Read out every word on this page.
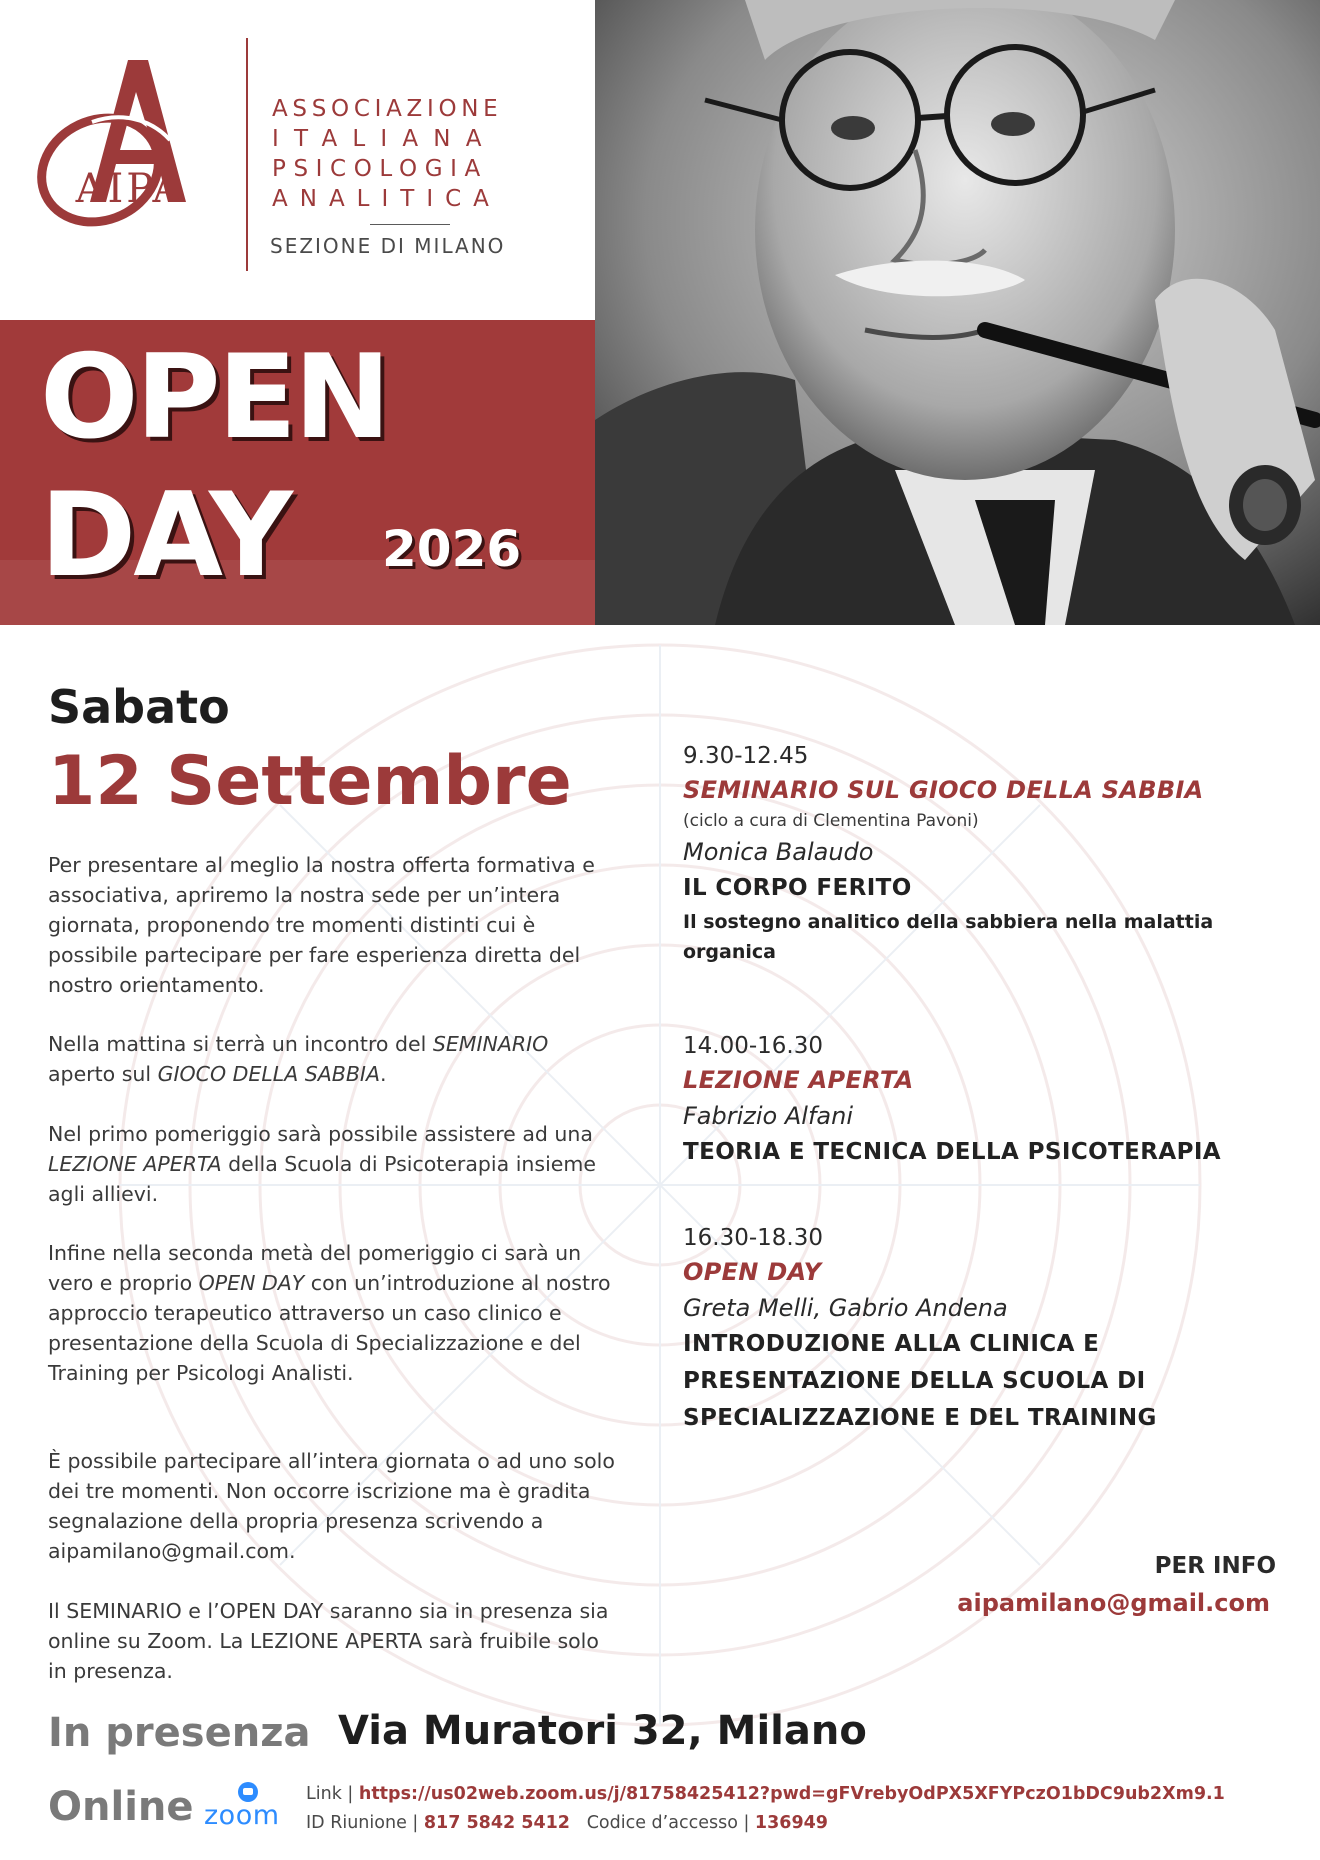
AIPA
ASSOCIAZIONE
ITALIANA
PSICOLOGIA
ANALITICA
SEZIONE DI MILANO
OPEN
DAY 2026
Sabato
12 Settembre
Per presentare al meglio la nostra offerta formativa e associativa, apriremo la nostra sede per un’intera giornata, proponendo tre momenti distinti cui è possibile partecipare per fare esperienza diretta del nostro orientamento.
Nella mattina si terrà un incontro del SEMINARIO aperto sul GIOCO DELLA SABBIA.
Nel primo pomeriggio sarà possibile assistere ad una LEZIONE APERTA della Scuola di Psicoterapia insieme agli allievi.
Infine nella seconda metà del pomeriggio ci sarà un vero e proprio OPEN DAY con un’introduzione al nostro approccio terapeutico attraverso un caso clinico e presentazione della Scuola di Specializzazione e del Training per Psicologi Analisti.
È possibile partecipare all’intera giornata o ad uno solo dei tre momenti. Non occorre iscrizione ma è gradita segnalazione della propria presenza scrivendo a aipamilano@gmail.com.
Il SEMINARIO e l’OPEN DAY saranno sia in presenza sia online su Zoom. La LEZIONE APERTA sarà fruibile solo in presenza.
9.30-12.45
SEMINARIO SUL GIOCO DELLA SABBIA
(ciclo a cura di Clementina Pavoni)
Monica Balaudo
IL CORPO FERITO
Il sostegno analitico della sabbiera nella malattia
organica
14.00-16.30
LEZIONE APERTA
Fabrizio Alfani
TEORIA E TECNICA DELLA PSICOTERAPIA
16.30-18.30
OPEN DAY
Greta Melli, Gabrio Andena
INTRODUZIONE ALLA CLINICA E
PRESENTAZIONE DELLA SCUOLA DI
SPECIALIZZAZIONE E DEL TRAINING
PER INFO
aipamilano@gmail.com
In presenza Via Muratori 32, Milano
Online zoom
Link | https://us02web.zoom.us/j/81758425412?pwd=gFVrebyOdPX5XFYPczO1bDC9ub2Xm9.1
ID Riunione | 817 5842 5412 Codice d’accesso | 136949
